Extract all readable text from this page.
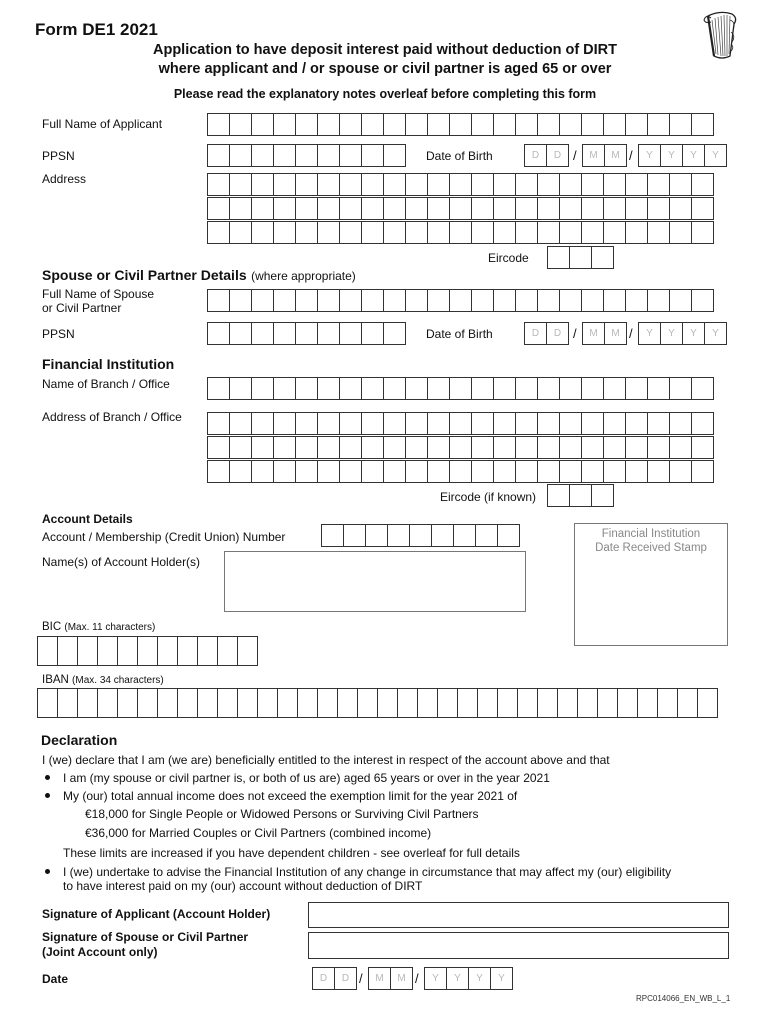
Form DE1 2021
Application to have deposit interest paid without deduction of DIRT
where applicant and / or spouse or civil partner is aged 65 or over
Please read the explanatory notes overleaf before completing this form
Full Name of Applicant
PPSN	Date of Birth	D	D /	M	M /	Y	Y	Y	Y
Address
Eircode
Spouse or Civil Partner Details (where appropriate)
Full Name of Spouse
or Civil Partner
PPSN	Date of Birth	D	D /	M	M /	Y	Y	Y	Y
Financial Institution
Name of Branch / Office
Address of Branch / Office
Eircode (if known)
Account Details
Account / Membership (Credit Union) Number
Name(s) of Account Holder(s)
Financial Institution
Date Received Stamp
BIC (Max. 11 characters)
IBAN (Max. 34 characters)
Declaration
I (we) declare that I am (we are) beneficially entitled to the interest in respect of the account above and that
I am (my spouse or civil partner is, or both of us are) aged 65 years or over in the year 2021
My (our) total annual income does not exceed the exemption limit for the year 2021 of
€18,000 for Single People or Widowed Persons or Surviving Civil Partners
€36,000 for Married Couples or Civil Partners (combined income)
These limits are increased if you have dependent children - see overleaf for full details
I (we) undertake to advise the Financial Institution of any change in circumstance that may affect my (our) eligibility
to have interest paid on my (our) account without deduction of DIRT
Signature of Applicant (Account Holder)
Signature of Spouse or Civil Partner
(Joint Account only)
Date	D	D /	M	M /	Y	Y	Y	Y
RPC014066_EN_WB_L_1
